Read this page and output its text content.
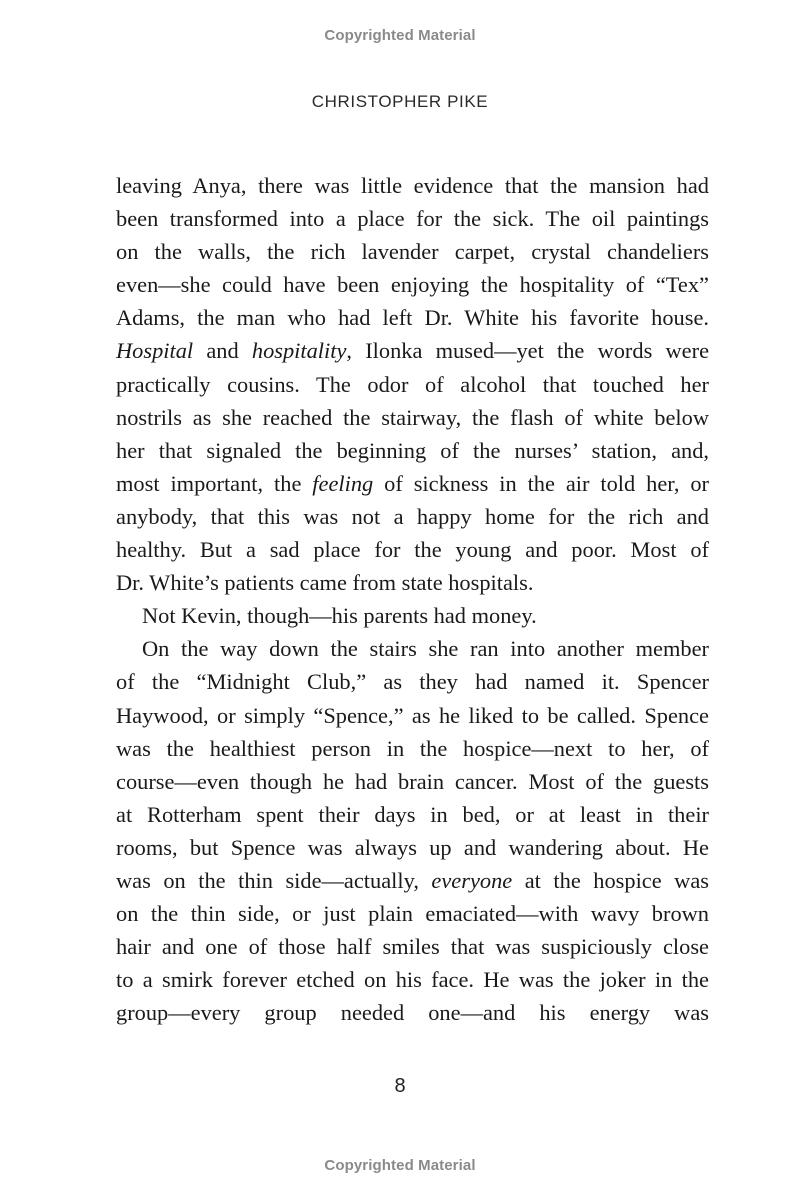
Copyrighted Material
CHRISTOPHER PIKE
leaving Anya, there was little evidence that the mansion had
been transformed into a place for the sick. The oil paintings
on the walls, the rich lavender carpet, crystal chandeliers
even—she could have been enjoying the hospitality of “Tex”
Adams, the man who had left Dr. White his favorite house.
Hospital and hospitality, Ilonka mused—yet the words were
practically cousins. The odor of alcohol that touched her
nostrils as she reached the stairway, the flash of white below
her that signaled the beginning of the nurses’ station, and,
most important, the feeling of sickness in the air told her, or
anybody, that this was not a happy home for the rich and
healthy. But a sad place for the young and poor. Most of
Dr. White’s patients came from state hospitals.
Not Kevin, though—his parents had money.
On the way down the stairs she ran into another member
of the “Midnight Club,” as they had named it. Spencer
Haywood, or simply “Spence,” as he liked to be called. Spence
was the healthiest person in the hospice—next to her, of
course—even though he had brain cancer. Most of the guests
at Rotterham spent their days in bed, or at least in their
rooms, but Spence was always up and wandering about. He
was on the thin side—actually, everyone at the hospice was
on the thin side, or just plain emaciated—with wavy brown
hair and one of those half smiles that was suspiciously close
to a smirk forever etched on his face. He was the joker in the
group—every group needed one—and his energy was
8
Copyrighted Material
